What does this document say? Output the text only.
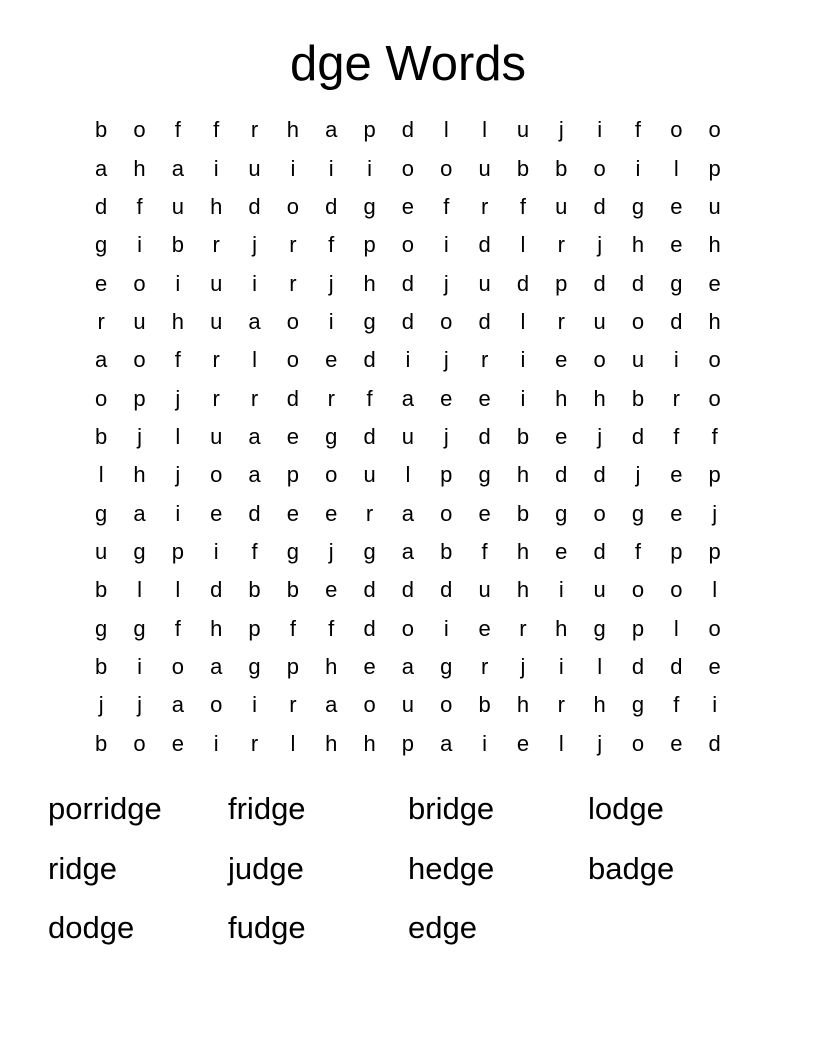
dge Words
b	o	f	f	r	h	a	p	d	l	l	u	j	i	f	o	o
a	h	a	i	u	i	i	i	o	o	u	b	b	o	i	l	p
d	f	u	h	d	o	d	g	e	f	r	f	u	d	g	e	u
g	i	b	r	j	r	f	p	o	i	d	l	r	j	h	e	h
e	o	i	u	i	r	j	h	d	j	u	d	p	d	d	g	e
r	u	h	u	a	o	i	g	d	o	d	l	r	u	o	d	h
a	o	f	r	l	o	e	d	i	j	r	i	e	o	u	i	o
o	p	j	r	r	d	r	f	a	e	e	i	h	h	b	r	o
b	j	l	u	a	e	g	d	u	j	d	b	e	j	d	f	f
l	h	j	o	a	p	o	u	l	p	g	h	d	d	j	e	p
g	a	i	e	d	e	e	r	a	o	e	b	g	o	g	e	j
u	g	p	i	f	g	j	g	a	b	f	h	e	d	f	p	p
b	l	l	d	b	b	e	d	d	d	u	h	i	u	o	o	l
g	g	f	h	p	f	f	d	o	i	e	r	h	g	p	l	o
b	i	o	a	g	p	h	e	a	g	r	j	i	l	d	d	e
j	j	a	o	i	r	a	o	u	o	b	h	r	h	g	f	i
b	o	e	i	r	l	h	h	p	a	i	e	l	j	o	e	d
porridge	fridge	bridge	lodge
ridge	judge	hedge	badge
dodge	fudge	edge
